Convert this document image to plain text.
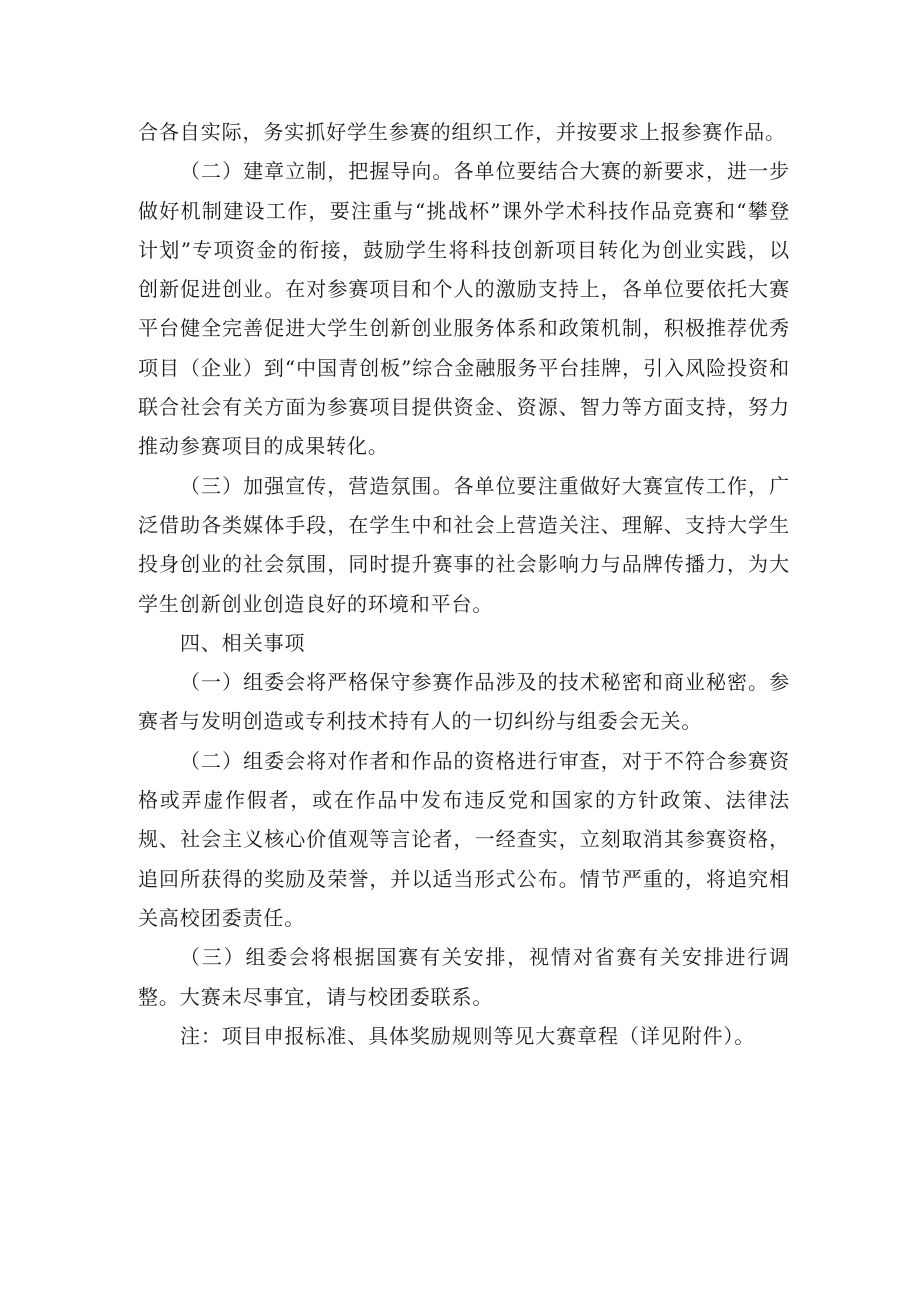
合各自实际，务实抓好学生参赛的组织工作，并按要求上报参赛作品。

（二）建章立制，把握导向。各单位要结合大赛的新要求，进一步做好机制建设工作，要注重与“挑战杯”课外学术科技作品竞赛和“攀登计划”专项资金的衔接，鼓励学生将科技创新项目转化为创业实践，以创新促进创业。在对参赛项目和个人的激励支持上，各单位要依托大赛平台健全完善促进大学生创新创业服务体系和政策机制，积极推荐优秀项目（企业）到“中国青创板”综合金融服务平台挂牌，引入风险投资和联合社会有关方面为参赛项目提供资金、资源、智力等方面支持，努力推动参赛项目的成果转化。

（三）加强宣传，营造氛围。各单位要注重做好大赛宣传工作，广泛借助各类媒体手段，在学生中和社会上营造关注、理解、支持大学生投身创业的社会氛围，同时提升赛事的社会影响力与品牌传播力，为大学生创新创业创造良好的环境和平台。

四、相关事项

（一）组委会将严格保守参赛作品涉及的技术秘密和商业秘密。参赛者与发明创造或专利技术持有人的一切纠纷与组委会无关。

（二）组委会将对作者和作品的资格进行审查，对于不符合参赛资格或弄虚作假者，或在作品中发布违反党和国家的方针政策、法律法规、社会主义核心价值观等言论者，一经查实，立刻取消其参赛资格，追回所获得的奖励及荣誉，并以适当形式公布。情节严重的，将追究相关高校团委责任。

（三）组委会将根据国赛有关安排，视情对省赛有关安排进行调整。大赛未尽事宜，请与校团委联系。

注：项目申报标准、具体奖励规则等见大赛章程（详见附件）。
